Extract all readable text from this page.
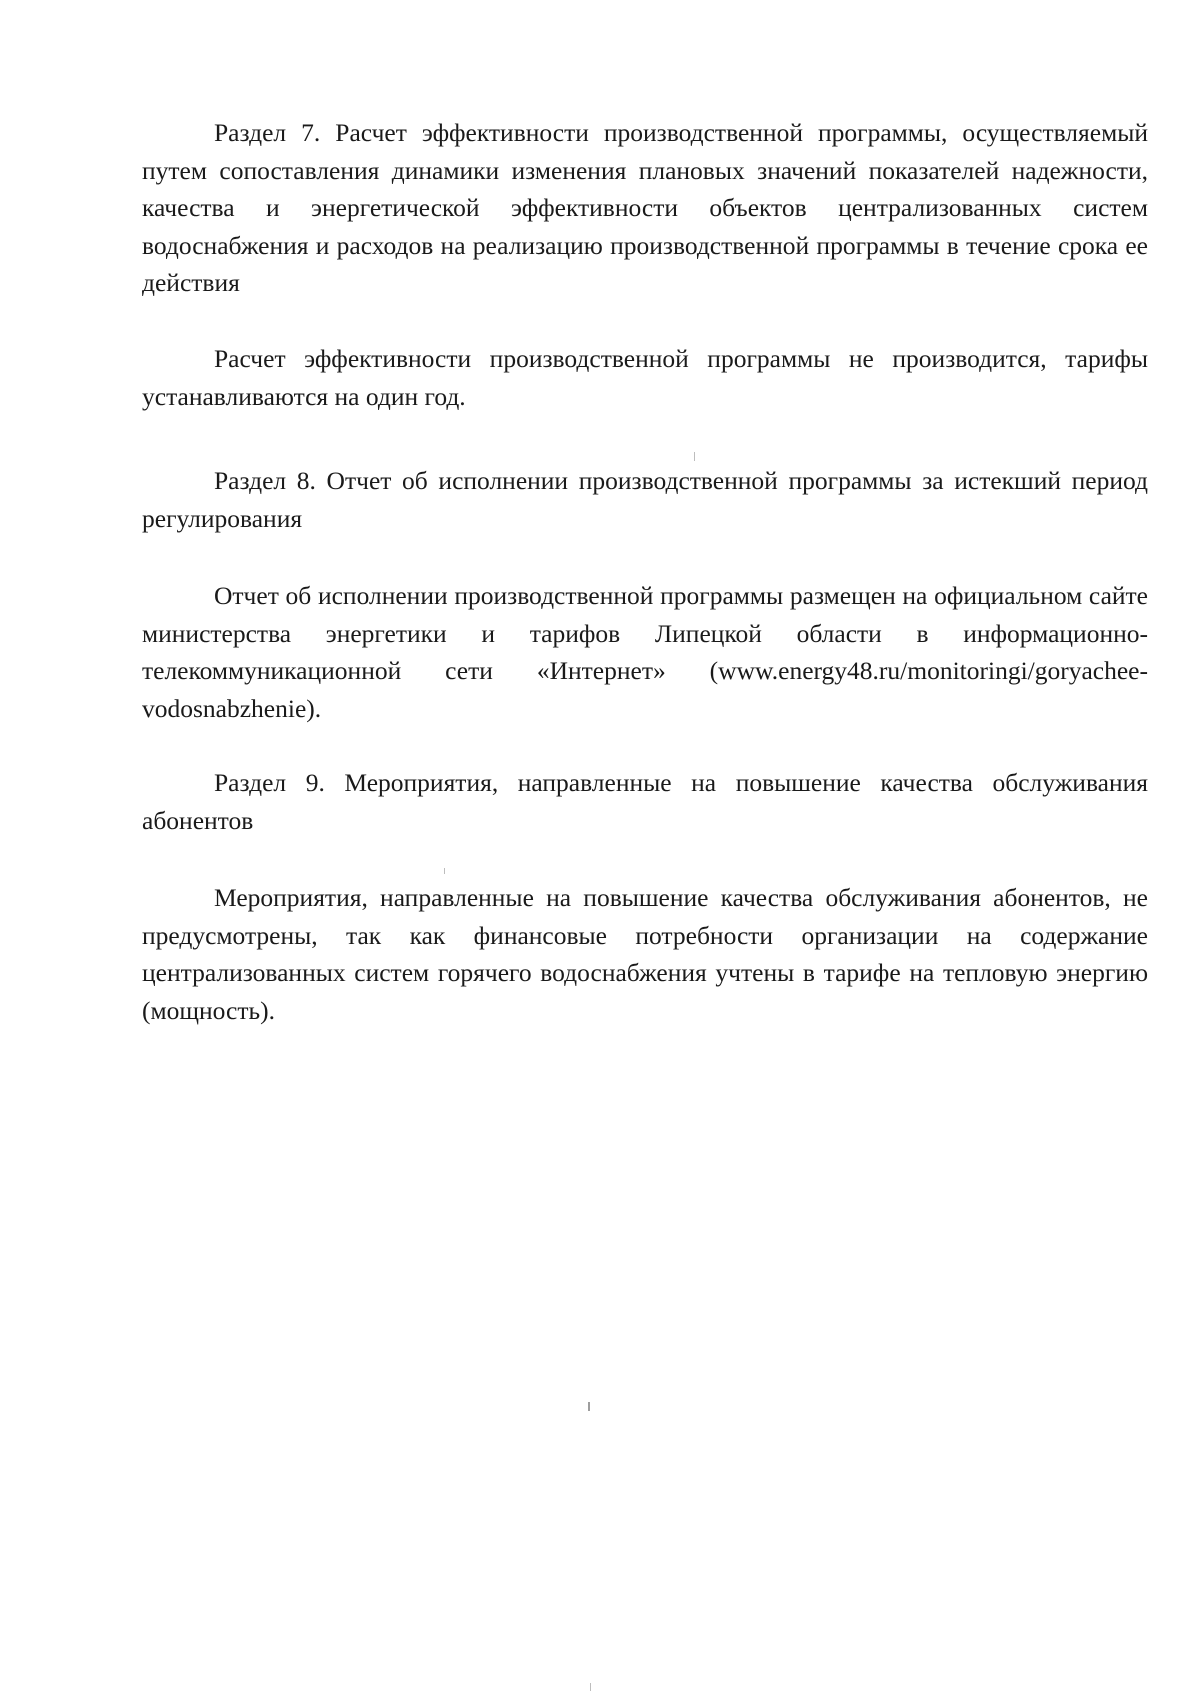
Раздел 7. Расчет эффективности производственной программы, осуществляемый путем сопоставления динамики изменения плановых значений показателей надежности, качества и энергетической эффективности объектов централизованных систем водоснабжения и расходов на реализацию производственной программы в течение срока ее действия

Расчет эффективности производственной программы не производится, тарифы устанавливаются на один год.

Раздел 8. Отчет об исполнении производственной программы за истекший период регулирования

Отчет об исполнении производственной программы размещен на официальном сайте министерства энергетики и тарифов Липецкой области в информационно-телекоммуникационной сети «Интернет» (www.energy48.ru/monitoringi/goryachee-vodosnabzhenie).

Раздел 9. Мероприятия, направленные на повышение качества обслуживания абонентов

Мероприятия, направленные на повышение качества обслуживания абонентов, не предусмотрены, так как финансовые потребности организации на содержание централизованных систем горячего водоснабжения учтены в тарифе на тепловую энергию (мощность).
